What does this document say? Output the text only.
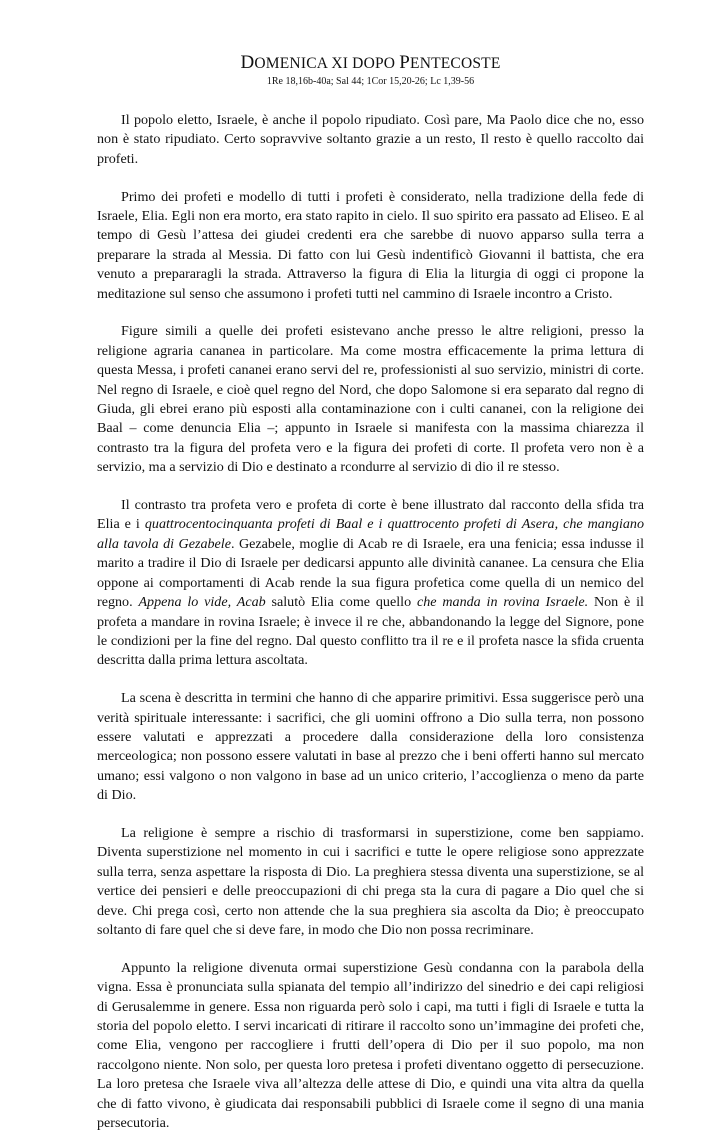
DOMENICA XI DOPO PENTECOSTE

1Re 18,16b-40a; Sal 44; 1Cor 15,20-26; Lc 1,39-56

Il popolo eletto, Israele, è anche il popolo ripudiato. Così pare, Ma Paolo dice che no, esso non è stato ripudiato. Certo sopravvive soltanto grazie a un resto, Il resto è quello raccolto dai profeti.

Primo dei profeti e modello di tutti i profeti è considerato, nella tradizione della fede di Israele, Elia. Egli non era morto, era stato rapito in cielo. Il suo spirito era passato ad Eliseo. E al tempo di Gesù l’attesa dei giudei credenti era che sarebbe di nuovo apparso sulla terra a preparare la strada al Messia. Di fatto con lui Gesù indentificò Giovanni il battista, che era venuto a prepararagli la strada. Attraverso la figura di Elia la liturgia di oggi ci propone la meditazione sul senso che assumono i profeti tutti nel cammino di Israele incontro a Cristo.

Figure simili a quelle dei profeti esistevano anche presso le altre religioni, presso la religione agraria cananea in particolare. Ma come mostra efficacemente la prima lettura di questa Messa, i profeti cananei erano servi del re, professionisti al suo servizio, ministri di corte. Nel regno di Israele, e cioè quel regno del Nord, che dopo Salomone si era separato dal regno di Giuda, gli ebrei erano più esposti alla contaminazione con i culti cananei, con la religione dei Baal – come denuncia Elia –; appunto in Israele si manifesta con la massima chiarezza il contrasto tra la figura del profeta vero e la figura dei profeti di corte. Il profeta vero non è a servizio, ma a servizio di Dio e destinato a rcondurre al servizio di dio il re stesso.

Il contrasto tra profeta vero e profeta di corte è bene illustrato dal racconto della sfida tra Elia e i quattrocentocinquanta profeti di Baal e i quattrocento profeti di Asera, che mangiano alla tavola di Gezabele. Gezabele, moglie di Acab re di Israele, era una fenicia; essa indusse il marito a tradire il Dio di Israele per dedicarsi appunto alle divinità cananee. La censura che Elia oppone ai comportamenti di Acab rende la sua figura profetica come quella di un nemico del regno. Appena lo vide, Acab salutò Elia come quello che manda in rovina Israele. Non è il profeta a mandare in rovina Israele; è invece il re che, abbandonando la legge del Signore, pone le condizioni per la fine del regno. Dal questo conflitto tra il re e il profeta nasce la sfida cruenta descritta dalla prima lettura ascoltata.

La scena è descritta in termini che hanno di che apparire primitivi. Essa suggerisce però una verità spirituale interessante: i sacrifici, che gli uomini offrono a Dio sulla terra, non possono essere valutati e apprezzati a procedere dalla considerazione della loro consistenza merceologica; non possono essere valutati in base al prezzo che i beni offerti hanno sul mercato umano; essi valgono o non valgono in base ad un unico criterio, l’accoglienza o meno da parte di Dio.

La religione è sempre a rischio di trasformarsi in superstizione, come ben sappiamo. Diventa superstizione nel momento in cui i sacrifici e tutte le opere religiose sono apprezzate sulla terra, senza aspettare la risposta di Dio. La preghiera stessa diventa una superstizione, se al vertice dei pensieri e delle preoccupazioni di chi prega sta la cura di pagare a Dio quel che si deve. Chi prega così, certo non attende che la sua preghiera sia ascolta da Dio; è preoccupato soltanto di fare quel che si deve fare, in modo che Dio non possa recriminare.

Appunto la religione divenuta ormai superstizione Gesù condanna con la parabola della vigna. Essa è pronunciata sulla spianata del tempio all’indirizzo del sinedrio e dei capi religiosi di Gerusalemme in genere. Essa non riguarda però solo i capi, ma tutti i figli di Israele e tutta la storia del popolo eletto. I servi incaricati di ritirare il raccolto sono un’immagine dei profeti che, come Elia, vengono per raccogliere i frutti dell’opera di Dio per il suo popolo, ma non raccolgono niente. Non solo, per questa loro pretesa i profeti diventano oggetto di persecuzione. La loro pretesa che Israele viva all’altezza delle attese di Dio, e quindi una vita altra da quella che di fatto vivono, è giudicata dai responsabili pubblici di Israele come il segno di una mania persecutoria.
